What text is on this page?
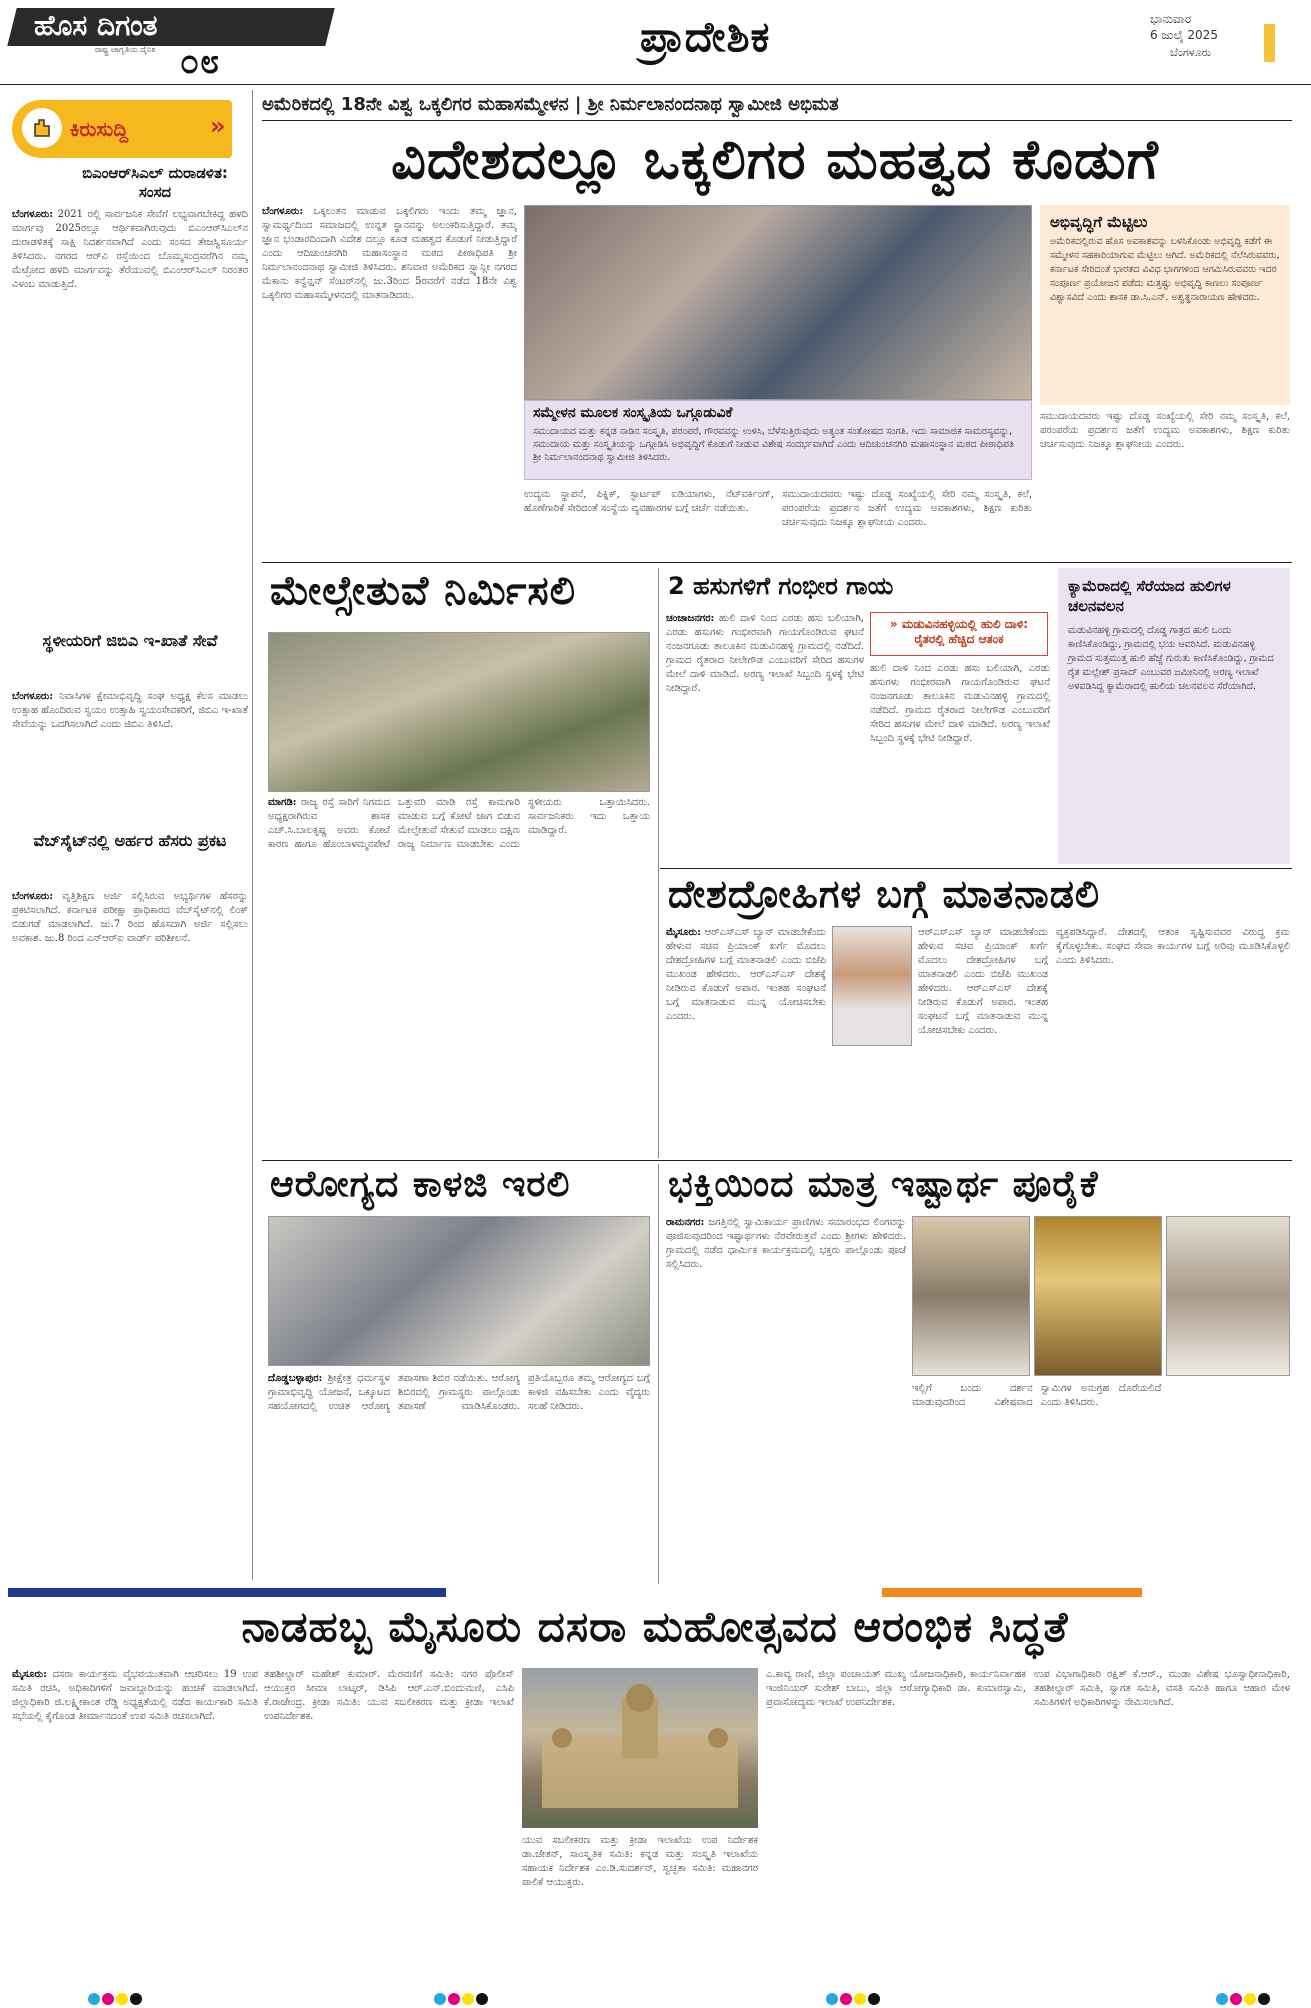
ಹೊಸ ದಿಗಂತ
ರಾಷ್ಟ್ರ ಜಾಗೃತಿಯ ದೈನಿಕ ೦೮
ಪ್ರಾದೇಶಿಕ	ಭಾನುವಾರ
6 ಜುಲೈ 2025
ಬೆಂಗಳೂರು
ಕಿರುಸುದ್ದಿ	»
ಬಿಎಂಆರ್‌ಸಿಎಲ್ ದುರಾಡಳಿತ: ಸಂಸದ
ಬೆಂಗಳೂರು: 2021 ರಲ್ಲಿ ಸಾರ್ವಜನಿಕ ಸೇವೆಗೆ ಲಭ್ಯವಾಗಬೇಕಿದ್ದ ಹಳದಿ ಮಾರ್ಗವು 2025ರಲ್ಲೂ ಆರ್ಥಿಕವಾಗಿರುವುದು ಬಿಎಂಆರ್‌ಸಿಎಲ್‌ನ ದುರಾಡಳಿತಕ್ಕೆ ಸಾಕ್ಷಿ ನಿದರ್ಶನವಾಗಿದೆ ಎಂದು ಸಂಸದ ತೇಜಸ್ವಿಸೂರ್ಯ ತಿಳಿಸಿದರು. ನಗರದ ಆರ್‌ವಿ ರಸ್ತೆಯಿಂದ ಬೊಮ್ಮಸಂದ್ರವರೆಗಿನ ನಮ್ಮ ಮೆಟ್ರೋದ ಹಳದಿ ಮಾರ್ಗವನ್ನು ತೆರೆಯುವಲ್ಲಿ ಬಿಎಂಆರ್‌ಸಿಎಲ್ ನಿರಂತರ ವಿಳಂಬ ಮಾಡುತ್ತಿದೆ.
ಸ್ಥಳೀಯರಿಗೆ ಜಿಬಿಎ ಇ-ಖಾತೆ ಸೇವೆ
ಬೆಂಗಳೂರು: ನಿವಾಸಿಗಳ ಕ್ಷೇಮಾಭಿವೃದ್ಧಿ ಸಂಘ ಅಧ್ಯಕ್ಷ ಕೆಲಸ ಮಾಡಲು ಉತ್ಸಾಹ ಹೊಂದಿರುವ ಸ್ವಯಂ ಉತ್ಸಾಹಿ ಸ್ವಯಂಸೇವಕರಿಗೆ, ಜಿಬಿಎ ಇ-ಖಾತೆ ಸೇವೆಯನ್ನು ಒದಗಿಸಲಾಗಿದೆ ಎಂದು ಜಿಬಿಎ ತಿಳಿಸಿದೆ.
ವೆಬ್‌ಸೈಟ್‌ನಲ್ಲಿ ಅರ್ಹರ ಹೆಸರು ಪ್ರಕಟ
ಬೆಂಗಳೂರು: ವೃತ್ತಿಶಿಕ್ಷಣ ಅರ್ಜಿ ಸಲ್ಲಿಸಿರುವ ಅಭ್ಯರ್ಥಿಗಳ ಹೆಸರನ್ನು ಪ್ರಕಟಿಸಲಾಗಿದೆ. ಕರ್ನಾಟಕ ಪರೀಕ್ಷಾ ಪ್ರಾಧಿಕಾರದ ವೆಬ್‌ಸೈಟ್‌ನಲ್ಲಿ ಲಿಂಕ್ ಬಿಡುಗಡೆ ಮಾಡಲಾಗಿದೆ. ಜು.7 ರಿಂದ ಹೊಸದಾಗಿ ಅರ್ಜಿ ಸಲ್ಲಿಸಲು ಅವಕಾಶ. ಜು.8 ರಿಂದ ಎನ್‌ಆರ್‌ಐ ವಾರ್ಡ್ ಪರಿಶೀಲನೆ.
ಅಮೆರಿಕದಲ್ಲಿ 18ನೇ ವಿಶ್ವ ಒಕ್ಕಲಿಗರ ಮಹಾಸಮ್ಮೇಳನ | ಶ್ರೀ ನಿರ್ಮಲಾನಂದನಾಥ ಸ್ವಾಮೀಜಿ ಅಭಿಮತ
ವಿದೇಶದಲ್ಲೂ ಒಕ್ಕಲಿಗರ ಮಹತ್ವದ ಕೊಡುಗೆ
ಬೆಂಗಳೂರು: ಒಕ್ಕಲುತನ ಮಾಡುವ ಒಕ್ಕಲಿಗರು ಇಂದು ತಮ್ಮ ಜ್ಞಾನ, ಸ್ವಾಮರ್ಥ್ಯದಿಂದ ಸಮಾಜದಲ್ಲಿ ಉನ್ನತ ಸ್ಥಾನವನ್ನು ಅಲಂಕರಿಸುತ್ತಿದ್ದಾರೆ. ತಮ್ಮ ಜ್ಞಾನ ಭಂಡಾರದಿಂದಾಗಿ ವಿದೇಶ ದಲ್ಲೂ ಕೂಡ ಮಹತ್ವದ ಕೊಡುಗೆ ನೀಡುತ್ತಿದ್ದಾರೆ ಎಂದು ಆದಿಚುಂಚನಗಿರಿ ಮಹಾಸಂಸ್ಥಾನ ಮಠದ ಪೀಠಾಧಿಪತಿ ಶ್ರೀ ನಿರ್ಮಲಾನಂದನಾಥ ಸ್ವಾಮೀಜಿ ತಿಳಿಸಿದರು. ಶನಿವಾರ ಅಮೆರಿಕದ ಸ್ಟ್ಯಾನ್ಲೀ ನಗರದ ಮೆಕಾನು ಕನ್ವೆನ್ಷನ್ ಸೆಂಟರ್‌ನಲ್ಲಿ ಜು.3ರಿಂದ 5ರವರೆಗೆ ನಡೆದ 18ನೇ ವಿಶ್ವ ಒಕ್ಕಲಿಗರ ಮಹಾಸಮ್ಮೇಳನದಲ್ಲಿ ಮಾತನಾಡಿದರು.
ಸಮ್ಮೇಳನ ಮೂಲಕ ಸಂಸ್ಕೃತಿಯ ಒಗ್ಗೂಡುವಿಕೆ
ಸಮುದಾಯದ ಮತ್ತು ಕನ್ನಡ ನಾಡಿನ ಸಂಸ್ಕೃತಿ, ಪರಂಪರೆ, ಗೌರವವನ್ನು ಉಳಿಸಿ, ಬೆಳೆಸುತ್ತಿರುವುದು ಅತ್ಯಂತ ಸಂತೋಷದ ಸಂಗತಿ. ಇದು ಸಾಮಾಜಿಕ ಸಾಮರಸ್ಯವನ್ನು, ಸಮುದಾಯ ಮತ್ತು ಸಂಸ್ಕೃತಿಯನ್ನು ಒಗ್ಗೂಡಿಸಿ ಅಭಿವೃದ್ಧಿಗೆ ಕೊಡುಗೆ ನೀಡುವ ವಿಶೇಷ ಸಂದರ್ಭವಾಗಿದೆ ಎಂದು ಆದಿಚುಂಚನಗಿರಿ ಮಹಾಸಂಸ್ಥಾನ ಮಠದ ಪೀಠಾಧಿಪತಿ ಶ್ರೀ ನಿರ್ಮಲಾನಂದನಾಥ ಸ್ವಾಮೀಜಿ ತಿಳಿಸಿದರು.
ಉದ್ಯಮ ಸ್ಥಾಪನೆ, ಪಿಕ್ನಿಕ್, ಸ್ಟಾರ್ಟಪ್ ಐಡಿಯಾಗಳು, ನೆಟ್‌ವರ್ಕಿಂಗ್, ಹೊಣೆಗಾರಿಕೆ ಸೇರಿದಂತೆ ಸಂಸ್ಥೆಯ ವ್ಯವಹಾರಗಳ ಬಗ್ಗೆ ಚರ್ಚೆ ನಡೆಯಿತು.
ಸಮುದಾಯದವರು ಇಷ್ಟು ದೊಡ್ಡ ಸಂಖ್ಯೆಯಲ್ಲಿ ಸೇರಿ ನಮ್ಮ ಸಂಸ್ಕೃತಿ, ಕಲೆ, ಪರಂಪರೆಯ ಪ್ರದರ್ಶನ ಜತೆಗೆ ಉದ್ಯಮ ಅವಕಾಶಗಳು, ಶಿಕ್ಷಣ ಕುರಿತು ಚರ್ಚಿಸುವುದು ನಿಜಕ್ಕೂ ಶ್ಲಾಘನೀಯ ಎಂದರು.
ಅಭಿವೃದ್ಧಿಗೆ ಮೆಟ್ಟಿಲು
ಅಮೆರಿಕದಲ್ಲಿರುವ ಹೊಸ ಅವಕಾಶವನ್ನು ಬಳಸಿಕೊಂಡು ಅಭಿವೃದ್ಧಿ ಕಡೆಗೆ ಈ ಸಮ್ಮೇಳನ ಸಹಕಾರಿಯಾಗುವ ಮೆಟ್ಟಿಲು ಆಗಿದೆ. ಅಮೆರಿಕದಲ್ಲಿ ನೆಲೆಸಿರುವವರು, ಕರ್ನಾಟಕ ಸೇರಿದಂತೆ ಭಾರತದ ವಿವಿಧ ಭಾಗಗಳಿಂದ ಆಗಮಿಸಿರುವವರು ಇದರ ಸಂಪೂರ್ಣ ಪ್ರಯೋಜನ ಪಡೆದು ಮತ್ತಷ್ಟು ಅಭಿವೃದ್ಧಿ ಕಾಣಲು ಸಂಪೂರ್ಣ ವಿಶ್ವಾಸವಿದೆ ಎಂದು ಶಾಸಕ ಡಾ.ಸಿ.ಎನ್. ಅಶ್ವತ್ಥನಾರಾಯಣ ಹೇಳಿದರು.
ಸಮುದಾಯದವರು ಇಷ್ಟು ದೊಡ್ಡ ಸಂಖ್ಯೆಯಲ್ಲಿ ಸೇರಿ ನಮ್ಮ ಸಂಸ್ಕೃತಿ, ಕಲೆ, ಪರಂಪರೆಯ ಪ್ರದರ್ಶನ ಜತೆಗೆ ಉದ್ಯಮ ಅವಕಾಶಗಳು, ಶಿಕ್ಷಣ ಕುರಿತು ಚರ್ಚಿಸುವುದು ನಿಜಕ್ಕೂ ಶ್ಲಾಘನೀಯ ಎಂದರು.
ಮೇಲ್ಸೇತುವೆ ನಿರ್ಮಿಸಲಿ
ಮಾಗಡಿ: ರಾಜ್ಯ ರಸ್ತೆ ಸಾರಿಗೆ ನಿಗಮದ ಅಧ್ಯಕ್ಷರಾಗಿರುವ ಶಾಸಕ ಎಚ್.ಸಿ.ಬಾಲಕೃಷ್ಣ ಅವರು ಕೋಟೆ ಕಾರಣ ಹಾಗೂ ಹೊಂಬಾಳಮ್ಮನಪೇಟೆ ಒತ್ತುವರಿ ಮಾಡಿ ರಸ್ತೆ ಕಾಮಗಾರಿ ಮಾಡುವ ಬಗ್ಗೆ ಕೋಟೆ ಜಾಗ ಬಿಡುವ ಮೇಲ್ಸೇತುವೆ ಸೇತುವೆ ಮಾಡಲು ದಕ್ಷಿಣ ರಾಜ್ಯ ನಿರ್ಮಾಣ ಮಾಡಬೇಕು ಎಂದು ಸ್ಥಳೀಯರು ಒತ್ತಾಯಿಸಿದರು. ಸಾರ್ವಜನಿಕರು ಇದು ಒತ್ತಾಯ ಮಾಡಿದ್ದಾರೆ.
2 ಹಸುಗಳಿಗೆ ಗಂಭೀರ ಗಾಯ
» ಮಡುವಿನಹಳ್ಳಿಯಲ್ಲಿ ಹುಲಿ ದಾಳಿ: ರೈತರಲ್ಲಿ ಹೆಚ್ಚಿದ ಆತಂಕ
ಚಂಜಾಜನಗರ: ಹುಲಿ ದಾಳಿ ನಿಂದ ಎರಡು ಹಸು ಬಲಿಯಾಗಿ, ಎರಡು ಹಸುಗಳು ಗಂಭೀರವಾಗಿ ಗಾಯಗೊಂಡಿರುವ ಘಟನೆ ನಂಜನಗೂಡು ತಾಲೂಕಿನ ಮಡುವಿನಹಳ್ಳಿ ಗ್ರಾಮದಲ್ಲಿ ನಡೆದಿದೆ. ಗ್ರಾಮದ ರೈತರಾದ ನೀಲೇಗೌಡ ಎಂಬುವರಿಗೆ ಸೇರಿದ ಹಸುಗಳ ಮೇಲೆ ದಾಳಿ ಮಾಡಿದೆ. ಅರಣ್ಯ ಇಲಾಖೆ ಸಿಬ್ಬಂದಿ ಸ್ಥಳಕ್ಕೆ ಭೇಟಿ ನೀಡಿದ್ದಾರೆ.
ಹುಲಿ ದಾಳಿ ನಿಂದ ಎರಡು ಹಸು ಬಲಿಯಾಗಿ, ಎರಡು ಹಸುಗಳು ಗಂಭೀರವಾಗಿ ಗಾಯಗೊಂಡಿರುವ ಘಟನೆ ನಂಜನಗೂಡು ತಾಲೂಕಿನ ಮಡುವಿನಹಳ್ಳಿ ಗ್ರಾಮದಲ್ಲಿ ನಡೆದಿದೆ. ಗ್ರಾಮದ ರೈತರಾದ ನೀಲೇಗೌಡ ಎಂಬುವರಿಗೆ ಸೇರಿದ ಹಸುಗಳ ಮೇಲೆ ದಾಳಿ ಮಾಡಿದೆ. ಅರಣ್ಯ ಇಲಾಖೆ ಸಿಬ್ಬಂದಿ ಸ್ಥಳಕ್ಕೆ ಭೇಟಿ ನೀಡಿದ್ದಾರೆ.
ಕ್ಯಾಮೆರಾದಲ್ಲಿ ಸೆರೆಯಾದ ಹುಲಿಗಳ ಚಲನವಲನ
ಮಡುವಿನಹಳ್ಳಿ ಗ್ರಾಮದಲ್ಲಿ ದೊಡ್ಡ ಗಾತ್ರದ ಹುಲಿ ಒಂದು ಕಾಣಿಸಿಕೊಂಡಿದ್ದು, ಗ್ರಾಮದಲ್ಲಿ ಭಯ ಆವರಿಸಿದೆ. ಮಡುವಿನಹಳ್ಳಿ ಗ್ರಾಮದ ಸುತ್ತಮುತ್ತ ಹುಲಿ ಹೆಜ್ಜೆ ಗುರುತು ಕಾಣಿಸಿಕೊಂಡಿದ್ದು, ಗ್ರಾಮದ ರೈತ ಮಲ್ಲೇಶ್ ಪ್ರಸಾದ್ ಎಂಬುವರ ಜಮೀನಿನಲ್ಲಿ ಅರಣ್ಯ ಇಲಾಖೆ ಅಳವಡಿಸಿದ್ದ ಕ್ಯಾಮೆರಾದಲ್ಲಿ ಹುಲಿಯ ಚಲನವಲನ ಸೆರೆಯಾಗಿದೆ.
ದೇಶದ್ರೋಹಿಗಳ ಬಗ್ಗೆ ಮಾತನಾಡಲಿ
ಮೈಸೂರು: ಆರ್‌ಎಸ್‌ಎಸ್ ಬ್ಯಾನ್ ಮಾಡಬೇಕೆಂದು ಹೇಳುವ ಸಚಿವ ಪ್ರಿಯಾಂಕ್ ಖರ್ಗೆ ಮೊದಲು ದೇಶದ್ರೋಹಿಗಳ ಬಗ್ಗೆ ಮಾತನಾಡಲಿ ಎಂದು ಬಿಜೆಪಿ ಮುಖಂಡ ಹೇಳಿದರು. ಆರ್‌ಎಸ್‌ಎಸ್ ದೇಶಕ್ಕೆ ನೀಡಿರುವ ಕೊಡುಗೆ ಅಪಾರ. ಇಂತಹ ಸಂಘಟನೆ ಬಗ್ಗೆ ಮಾತನಾಡುವ ಮುನ್ನ ಯೋಚಿಸಬೇಕು ಎಂದರು.
ಆರ್‌ಎಸ್‌ಎಸ್ ಬ್ಯಾನ್ ಮಾಡಬೇಕೆಂದು ಹೇಳುವ ಸಚಿವ ಪ್ರಿಯಾಂಕ್ ಖರ್ಗೆ ಮೊದಲು ದೇಶದ್ರೋಹಿಗಳ ಬಗ್ಗೆ ಮಾತನಾಡಲಿ ಎಂದು ಬಿಜೆಪಿ ಮುಖಂಡ ಹೇಳಿದರು. ಆರ್‌ಎಸ್‌ಎಸ್ ದೇಶಕ್ಕೆ ನೀಡಿರುವ ಕೊಡುಗೆ ಅಪಾರ. ಇಂತಹ ಸಂಘಟನೆ ಬಗ್ಗೆ ಮಾತನಾಡುವ ಮುನ್ನ ಯೋಚಿಸಬೇಕು ಎಂದರು.
ವ್ಯಕ್ತಪಡಿಸಿದ್ದಾರೆ. ದೇಶದಲ್ಲಿ ಆತಂಕ ಸೃಷ್ಟಿಸುವವರ ವಿರುದ್ಧ ಕ್ರಮ ಕೈಗೊಳ್ಳಬೇಕು. ಸಂಘದ ಸೇವಾ ಕಾರ್ಯಗಳ ಬಗ್ಗೆ ಅರಿವು ಮೂಡಿಸಿಕೊಳ್ಳಲಿ ಎಂದು ತಿಳಿಸಿದರು.
ಆರೋಗ್ಯದ ಕಾಳಜಿ ಇರಲಿ
ದೊಡ್ಡಬಳ್ಳಾಪುರ: ಶ್ರೀಕ್ಷೇತ್ರ ಧರ್ಮಸ್ಥಳ ಗ್ರಾಮಾಭಿವೃದ್ಧಿ ಯೋಜನೆ, ಒಕ್ಕೂಟದ ಸಹಯೋಗದಲ್ಲಿ ಉಚಿತ ಆರೋಗ್ಯ ತಪಾಸಣಾ ಶಿಬಿರ ನಡೆಯಿತು. ಆರೋಗ್ಯ ಶಿಬಿರದಲ್ಲಿ ಗ್ರಾಮಸ್ಥರು ಪಾಲ್ಗೊಂಡು ತಪಾಸಣೆ ಮಾಡಿಸಿಕೊಂಡರು. ಪ್ರತಿಯೊಬ್ಬರೂ ತಮ್ಮ ಆರೋಗ್ಯದ ಬಗ್ಗೆ ಕಾಳಜಿ ವಹಿಸಬೇಕು ಎಂದು ವೈದ್ಯರು ಸಲಹೆ ನೀಡಿದರು.
ಭಕ್ತಿಯಿಂದ ಮಾತ್ರ ಇಷ್ಟಾರ್ಥ ಪೂರೈಕೆ
ರಾಮನಗರ: ಜಗತ್ತಿನಲ್ಲಿ ಸ್ವಾಮಿಕಾರ್ಯ ಪ್ರಾಣಿಗಳು ಸಮಾರಂಭದ ಲಿಂಗವನ್ನು ಪೂಜಿಸುವುದರಿಂದ ಇಷ್ಟಾರ್ಥಗಳು ನೆರವೇರುತ್ತವೆ ಎಂದು ಶ್ರೀಗಳು ಹೇಳಿದರು. ಗ್ರಾಮದಲ್ಲಿ ನಡೆದ ಧಾರ್ಮಿಕ ಕಾರ್ಯಕ್ರಮದಲ್ಲಿ ಭಕ್ತರು ಪಾಲ್ಗೊಂಡು ಪೂಜೆ ಸಲ್ಲಿಸಿದರು.
ಇಲ್ಲಿಗೆ ಬಂದು ದರ್ಶನ ಮಾಡುವುದರಿಂದ ವಿಶೇಷವಾದ ಸ್ವಾಮಿಗಳ ಅನುಗ್ರಹ ದೊರೆಯಲಿದೆ ಎಂದು ತಿಳಿಸಿದರು.
ನಾಡಹಬ್ಬ ಮೈಸೂರು ದಸರಾ ಮಹೋತ್ಸವದ ಆರಂಭಿಕ ಸಿದ್ಧತೆ
ಮೈಸೂರು: ದಸರಾ ಕಾರ್ಯಕ್ರಮ ವೈಭವಯುತವಾಗಿ ಆಚರಿಸಲು 19 ಉಪ ಸಮಿತಿ ರಚಿಸಿ, ಅಧಿಕಾರಿಗಳಿಗೆ ಜವಾಬ್ದಾರಿಯನ್ನು ಹಂಚಿಕೆ ಮಾಡಲಾಗಿದೆ. ಜಿಲ್ಲಾಧಿಕಾರಿ ಜಿ.ಲಕ್ಷ್ಮೀಕಾಂತ ರೆಡ್ಡಿ ಅಧ್ಯಕ್ಷತೆಯಲ್ಲಿ ನಡೆದ ಕಾರ್ಯಕಾರಿ ಸಮಿತಿ ಸಭೆಯಲ್ಲಿ ಕೈಗೊಂಡ ತೀರ್ಮಾನದಂತೆ ಉಪ ಸಮಿತಿ ರಚಿಸಲಾಗಿದೆ.
ತಹಶೀಲ್ದಾರ್ ಮಹೇಶ್ ಕುಮಾರ್. ಮೆರವಣಿಗೆ ಸಮಿತಿ: ನಗರ ಪೊಲೀಸ್ ಆಯುಕ್ತರ ಸೀಮಾ ಲಾಟ್ಕರ್, ಡಿಸಿಪಿ ಆರ್.ಎನ್.ಬಿಂದುಮಣಿ, ಎಸಿಪಿ ಕೆ.ರಾಜೇಂದ್ರ. ಕ್ರೀಡಾ ಸಮಿತಿ: ಯುವ ಸಬಲೀಕರಣ ಮತ್ತು ಕ್ರೀಡಾ ಇಲಾಖೆ ಉಪನಿರ್ದೇಶಕ.
ಯುವ ಸಬಲೀಕರಣ ಮತ್ತು ಕ್ರೀಡಾ ಇಲಾಖೆಯ ಉಪ ನಿರ್ದೇಶಕ ಡಾ.ಚೇತನ್, ಸಾಂಸ್ಕೃತಿಕ ಸಮಿತಿ: ಕನ್ನಡ ಮತ್ತು ಸಂಸ್ಕೃತಿ ಇಲಾಖೆಯ ಸಹಾಯಕ ನಿರ್ದೇಶಕ ಎಂ.ಡಿ.ಸುದರ್ಶನ್, ಸ್ವಚ್ಛತಾ ಸಮಿತಿ: ಮಹಾನಗರ ಪಾಲಿಕೆ ಆಯುಕ್ತರು.
ಎ.ಕಾವ್ಯ ರಾಣಿ, ಜಿಲ್ಲಾ ಪಂಚಾಯತ್ ಮುಖ್ಯ ಯೋಜನಾಧಿಕಾರಿ, ಕಾರ್ಯನಿರ್ವಾಹಕ ಇಂಜಿನಿಯರ್ ಸುರೇಶ್ ಬಾಬು, ಜಿಲ್ಲಾ ಆರೋಗ್ಯಾಧಿಕಾರಿ ಡಾ. ಕುಮಾರಸ್ವಾಮಿ, ಪ್ರವಾಸೋದ್ಯಮ ಇಲಾಖೆ ಉಪನಿರ್ದೇಶಕ.
ಉಪ ವಿಭಾಗಾಧಿಕಾರಿ ರಕ್ಷಿತ್ ಕೆ.ಆರ್., ಮುಡಾ ವಿಶೇಷ ಭೂಸ್ವಾಧೀನಾಧಿಕಾರಿ, ತಹಶೀಲ್ದಾರ್ ಸಮಿತಿ, ಸ್ವಾಗತ ಸಮಿತಿ, ವಸತಿ ಸಮಿತಿ ಹಾಗೂ ಆಹಾರ ಮೇಳ ಸಮಿತಿಗಳಿಗೆ ಅಧಿಕಾರಿಗಳನ್ನು ನೇಮಿಸಲಾಗಿದೆ.
